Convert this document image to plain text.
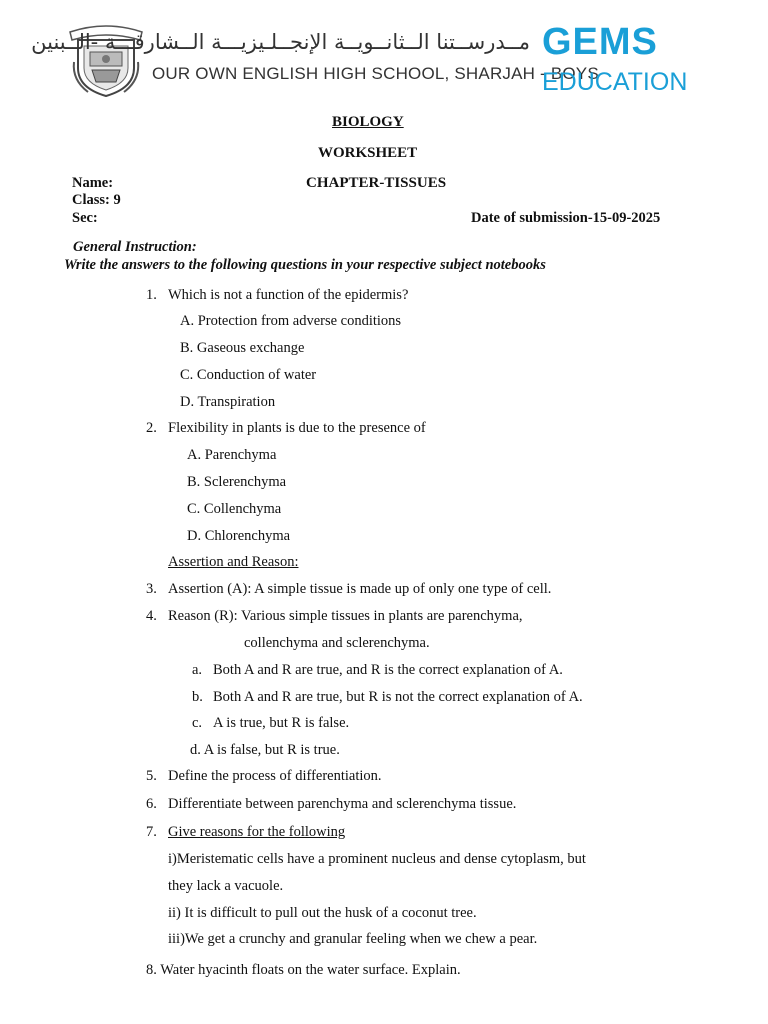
مــدرســتنا الــثانــويــة الإنجــلـيزيـــة الــشارقـــة -الــبنين
OUR OWN ENGLISH HIGH SCHOOL, SHARJAH - BOYS
GEMS
EDUCATION
BIOLOGY
WORKSHEET
Name:	CHAPTER-TISSUES
Class: 9
Sec:	Date of submission-15-09-2025
General Instruction:
Write the answers to the following questions in your respective subject notebooks
1. Which is not a function of the epidermis?
A. Protection from adverse conditions
B. Gaseous exchange
C. Conduction of water
D. Transpiration
2. Flexibility in plants is due to the presence of
A. Parenchyma
B. Sclerenchyma
C. Collenchyma
D. Chlorenchyma
Assertion and Reason:
3. Assertion (A): A simple tissue is made up of only one type of cell.
4. Reason (R): Various simple tissues in plants are parenchyma,
collenchyma and sclerenchyma.
a. Both A and R are true, and R is the correct explanation of A.
b. Both A and R are true, but R is not the correct explanation of A.
c. A is true, but R is false.
d. A is false, but R is true.
5. Define the process of differentiation.
6. Differentiate between parenchyma and sclerenchyma tissue.
7. Give reasons for the following
i)Meristematic cells have a prominent nucleus and dense cytoplasm, but
they lack a vacuole.
ii) It is difficult to pull out the husk of a coconut tree.
iii)We get a crunchy and granular feeling when we chew a pear.
8. Water hyacinth floats on the water surface. Explain.
